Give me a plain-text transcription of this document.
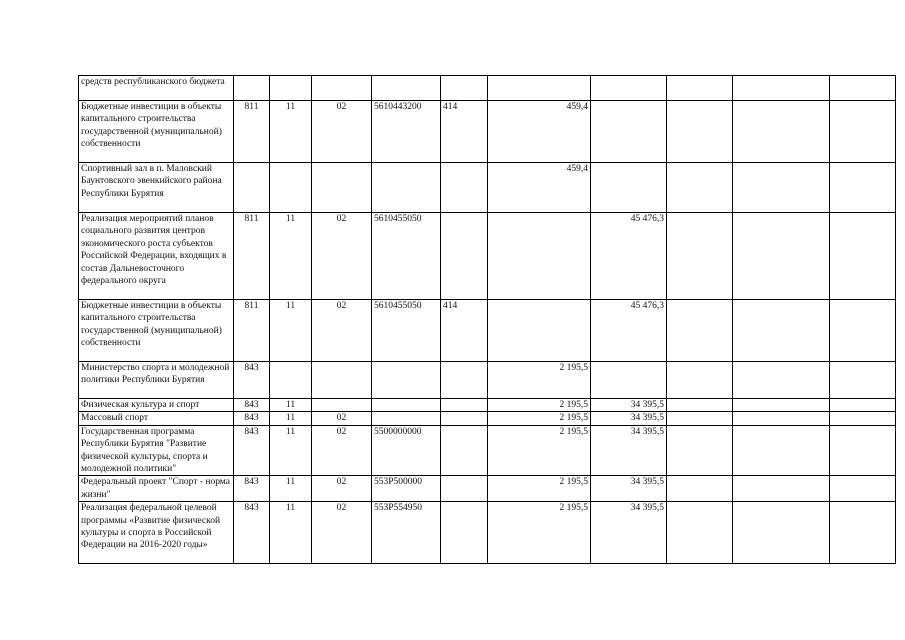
средств республиканского бюджета										
Бюджетные инвестиции в объекты капитального строительства государственной (муниципальной) собственности	811	11	02	5610443200	414	459,4				
Спортивный зал в п. Маловский Баунтовского эвенкийского района Республики Бурятия						459,4				
Реализация мероприятий планов социального развития центров экономического роста субъектов Российской Федерации, входящих в состав Дальневосточного федерального округа	811	11	02	5610455050			45 476,3			
Бюджетные инвестиции в объекты капитального строительства государственной (муниципальной) собственности	811	11	02	5610455050	414		45 476,3			
Министерство спорта и молодежной политики Республики Бурятия	843					2 195,5				
Физическая культура и спорт	843	11				2 195,5	34 395,5			
Массовый спорт	843	11	02			2 195,5	34 395,5			
Государственная программа Республики Бурятия "Развитие физической культуры, спорта и молодежной политики"	843	11	02	5500000000		2 195,5	34 395,5			
Федеральный проект "Спорт - норма жизни"	843	11	02	553P500000		2 195,5	34 395,5			
Реализация федеральной целевой программы «Развитие физической культуры и спорта в Российской Федерации на 2016-2020 годы»	843	11	02	553P554950		2 195,5	34 395,5			
